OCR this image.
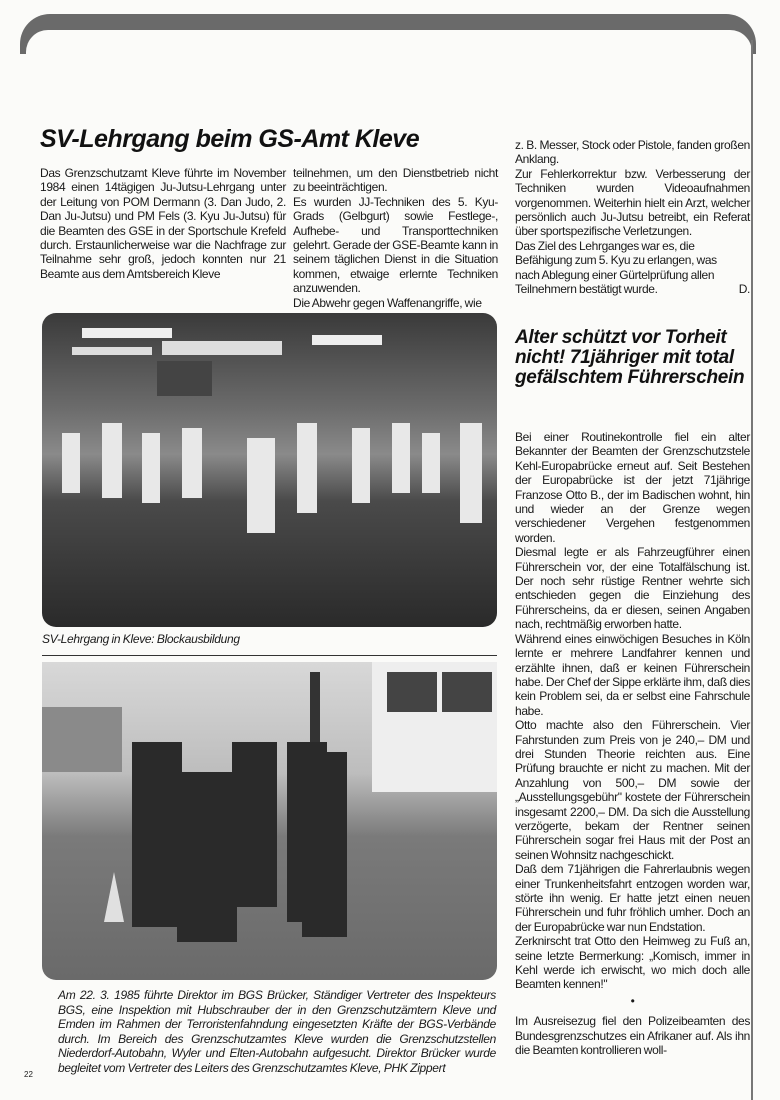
SV-Lehrgang beim GS-Amt Kleve

Das Grenzschutzamt Kleve führte im November 1984 einen 14tägigen Ju-Jutsu-Lehrgang unter der Leitung von POM Dermann (3. Dan Judo, 2. Dan Ju-Jutsu) und PM Fels (3. Kyu Ju-Jutsu) für die Beamten des GSE in der Sportschule Krefeld durch. Erstaunlicherweise war die Nachfrage zur Teilnahme sehr groß, jedoch konnten nur 21 Beamte aus dem Amtsbereich Kleve

teilnehmen, um den Dienstbetrieb nicht zu beeinträchtigen.

Es wurden JJ-Techniken des 5. Kyu-Grads (Gelbgurt) sowie Festlege-, Aufhebe- und Transporttechniken gelehrt. Gerade der GSE-Beamte kann in seinem täglichen Dienst in die Situation kommen, etwaige erlernte Techniken anzuwenden.

Die Abwehr gegen Waffenangriffe, wie

z. B. Messer, Stock oder Pistole, fanden großen Anklang.

Zur Fehlerkorrektur bzw. Verbesserung der Techniken wurden Videoaufnahmen vorgenommen. Weiterhin hielt ein Arzt, welcher persönlich auch Ju-Jutsu betreibt, ein Referat über sportspezifische Verletzungen.

Das Ziel des Lehrganges war es, die Befähigung zum 5. Kyu zu erlangen, was nach Ablegung einer Gürtelprüfung allen Teilnehmern bestätigt wurde.	D.

SV-Lehrgang in Kleve: Blockausbildung
Am 22. 3. 1985 führte Direktor im BGS Brücker, Ständiger Vertreter des Inspekteurs BGS, eine Inspektion mit Hubschrauber der in den Grenzschutzämtern Kleve und Emden im Rahmen der Terroristenfahndung eingesetzten Kräfte der BGS-Verbände durch. Im Bereich des Grenzschutzamtes Kleve wurden die Grenzschutzstellen Niederdorf-Autobahn, Wyler und Elten-Autobahn aufgesucht. Direktor Brücker wurde begleitet vom Vertreter des Leiters des Grenzschutzamtes Kleve, PHK Zippert
22
Alter schützt vor Torheit nicht! 71jähriger mit total gefälschtem Führerschein

Bei einer Routinekontrolle fiel ein alter Bekannter der Beamten der Grenzschutzstele Kehl-Europabrücke erneut auf. Seit Bestehen der Europabrücke ist der jetzt 71jährige Franzose Otto B., der im Badischen wohnt, hin und wieder an der Grenze wegen verschiedener Vergehen festgenommen worden.

Diesmal legte er als Fahrzeugführer einen Führerschein vor, der eine Totalfälschung ist. Der noch sehr rüstige Rentner wehrte sich entschieden gegen die Einziehung des Führerscheins, da er diesen, seinen Angaben nach, rechtmäßig erworben hatte.

Während eines einwöchigen Besuches in Köln lernte er mehrere Landfahrer kennen und erzählte ihnen, daß er keinen Führerschein habe. Der Chef der Sippe erklärte ihm, daß dies kein Problem sei, da er selbst eine Fahrschule habe.

Otto machte also den Führerschein. Vier Fahrstunden zum Preis von je 240,– DM und drei Stunden Theorie reichten aus. Eine Prüfung brauchte er nicht zu machen. Mit der Anzahlung von 500,– DM sowie der „Ausstellungsgebühr" kostete der Führerschein insgesamt 2200,– DM. Da sich die Ausstellung verzögerte, bekam der Rentner seinen Führerschein sogar frei Haus mit der Post an seinen Wohnsitz nachgeschickt.

Daß dem 71jährigen die Fahrerlaubnis wegen einer Trunkenheitsfahrt entzogen worden war, störte ihn wenig. Er hatte jetzt einen neuen Führerschein und fuhr fröhlich umher. Doch an der Europabrücke war nun Endstation.

Zerknirscht trat Otto den Heimweg zu Fuß an, seine letzte Bermerkung: „Komisch, immer in Kehl werde ich erwischt, wo mich doch alle Beamten kennen!"

•

Im Ausreisezug fiel den Polizeibeamten des Bundesgrenzschutzes ein Afrikaner auf. Als ihn die Beamten kontrollieren woll-
